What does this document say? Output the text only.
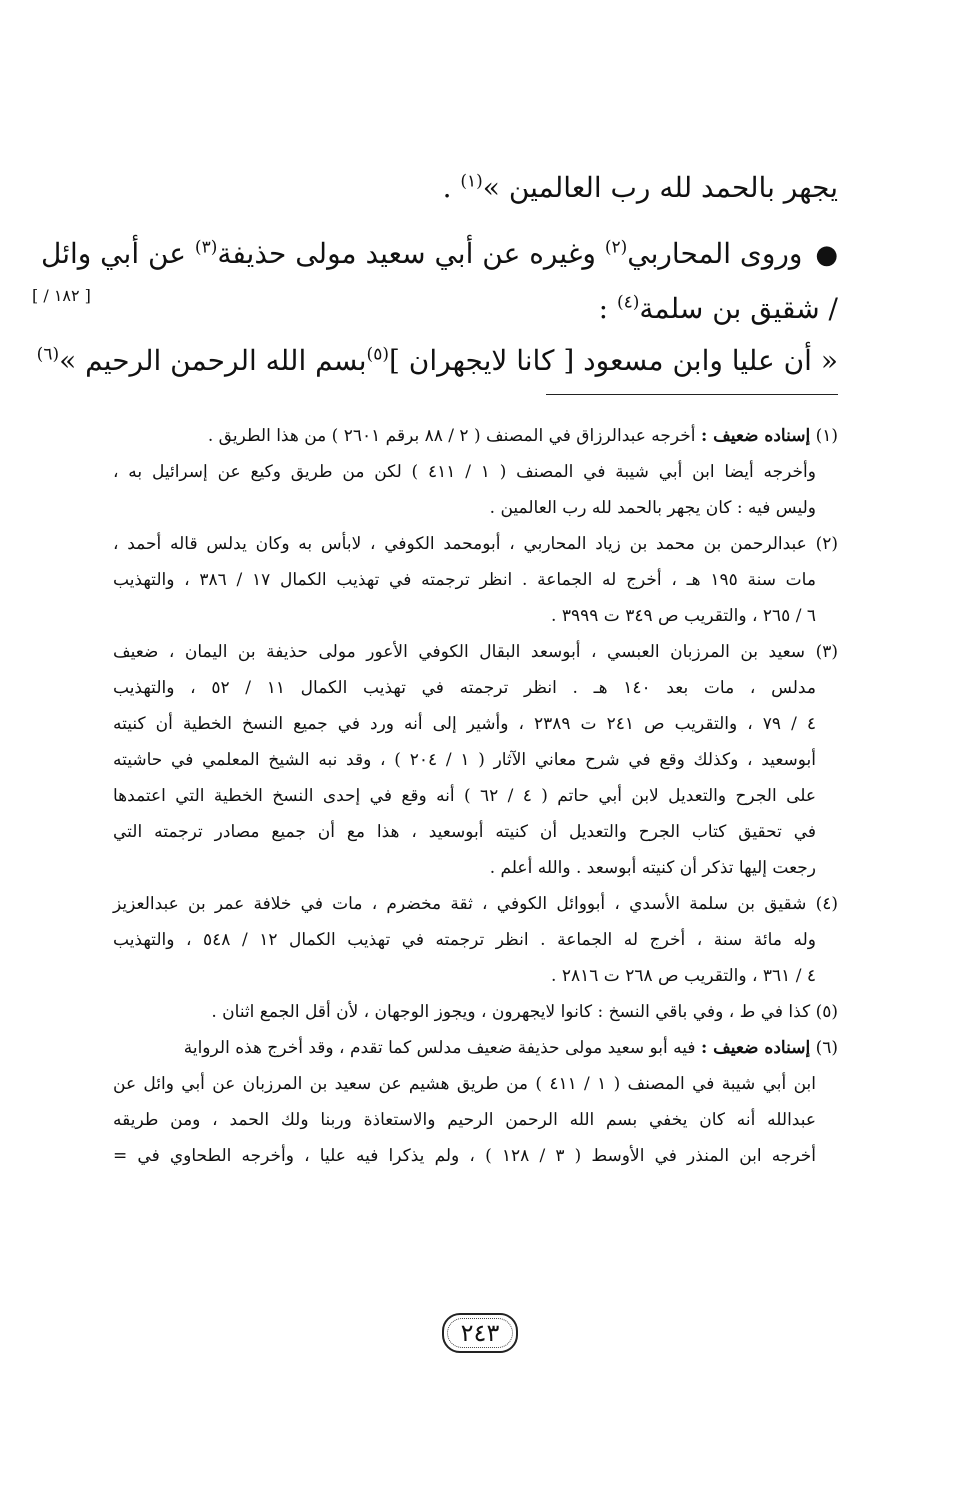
[ ١٨٢ / ]
يجهر بالحمد لله رب العالمين »$^{(١)}$ .
● وروى المحاربي$^{(٢)}$ وغيره عن أبي سعيد مولى حذيفة$^{(٣)}$ عن أبي وائل
/ شقيق بن سلمة$^{(٤)}$ :
« أن عليا وابن مسعود [ كانا لايجهران ]$^{(٥)}$بسم الله الرحمن الرحيم »$^{(٦)}$
(١) إسناده ضعيف : أخرجه عبدالرزاق في المصنف ( ٢ / ٨٨ برقم ٢٦٠١ ) من هذا الطريق .
وأخرجه أيضا ابن أبي شيبة في المصنف ( ١ / ٤١١ ) لكن من طريق وكيع عن إسرائيل به ،
وليس فيه : كان يجهر بالحمد لله رب العالمين .
(٢) عبدالرحمن بن محمد بن زياد المحاربي ، أبومحمد الكوفي ، لابأس به وكان يدلس قاله أحمد ،
مات سنة ١٩٥ هـ ، أخرج له الجماعة . انظر ترجمته في تهذيب الكمال ١٧ / ٣٨٦ ، والتهذيب
٦ / ٢٦٥ ، والتقريب ص ٣٤٩ ت ٣٩٩٩ .
(٣) سعيد بن المرزبان العبسي ، أبوسعد البقال الكوفي الأعور مولى حذيفة بن اليمان ، ضعيف
مدلس ، مات بعد ١٤٠ هـ . انظر ترجمته في تهذيب الكمال ١١ / ٥٢ ، والتهذيب
٤ / ٧٩ ، والتقريب ص ٢٤١ ت ٢٣٨٩ ، وأشير إلى أنه ورد في جميع النسخ الخطية أن كنيته
أبوسعيد ، وكذلك وقع في شرح معاني الآثار ( ١ / ٢٠٤ ) ، وقد نبه الشيخ المعلمي في حاشيته
على الجرح والتعديل لابن أبي حاتم ( ٤ / ٦٢ ) أنه وقع في إحدى النسخ الخطية التي اعتمدها
في تحقيق كتاب الجرح والتعديل أن كنيته أبوسعيد ، هذا مع أن جميع مصادر ترجمته التي
رجعت إليها تذكر أن كنيته أبوسعد . والله أعلم .
(٤) شقيق بن سلمة الأسدي ، أبووائل الكوفي ، ثقة مخضرم ، مات في خلافة عمر بن عبدالعزيز
وله مائة سنة ، أخرج له الجماعة . انظر ترجمته في تهذيب الكمال ١٢ / ٥٤٨ ، والتهذيب
٤ / ٣٦١ ، والتقريب ص ٢٦٨ ت ٢٨١٦ .
(٥) كذا في ط ، وفي باقي النسخ : كانوا لايجهرون ، ويجوز الوجهان ، لأن أقل الجمع اثنان .
(٦) إسناده ضعيف : فيه أبو سعيد مولى حذيفة ضعيف مدلس كما تقدم ، وقد أخرج هذه الرواية
ابن أبي شيبة في المصنف ( ١ / ٤١١ ) من طريق هشيم عن سعيد بن المرزبان عن أبي وائل عن
عبدالله أنه كان يخفي بسم الله الرحمن الرحيم والاستعاذة وربنا ولك الحمد ، ومن طريقه
أخرجه ابن المنذر في الأوسط ( ٣ / ١٢٨ ) ، ولم يذكرا فيه عليا ، وأخرجه الطحاوي في =
٢٤٣
